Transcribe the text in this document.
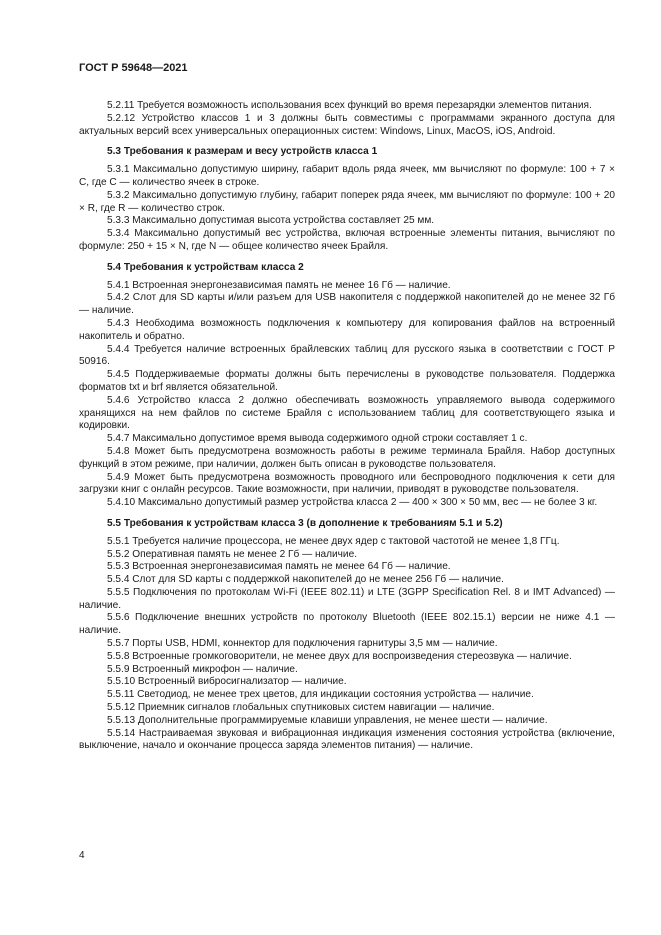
ГОСТ Р 59648—2021

5.2.11 Требуется возможность использования всех функций во время перезарядки элементов питания.

5.2.12 Устройство классов 1 и 3 должны быть совместимы с программами экранного доступа для актуальных версий всех универсальных операционных систем: Windows, Linux, MacOS, iOS, Android.

5.3 Требования к размерам и весу устройств класса 1

5.3.1 Максимально допустимую ширину, габарит вдоль ряда ячеек, мм вычисляют по формуле: 100 + 7 × C, где С — количество ячеек в строке.

5.3.2 Максимально допустимую глубину, габарит поперек ряда ячеек, мм вычисляют по формуле: 100 + 20 × R, где R — количество строк.

5.3.3 Максимально допустимая высота устройства составляет 25 мм.

5.3.4 Максимально допустимый вес устройства, включая встроенные элементы питания, вычисляют по формуле: 250 + 15 × N, где N — общее количество ячеек Брайля.

5.4 Требования к устройствам класса 2

5.4.1 Встроенная энергонезависимая память не менее 16 Гб — наличие.

5.4.2 Слот для SD карты и/или разъем для USB накопителя с поддержкой накопителей до не менее 32 Гб — наличие.

5.4.3 Необходима возможность подключения к компьютеру для копирования файлов на встроенный накопитель и обратно.

5.4.4 Требуется наличие встроенных брайлевских таблиц для русского языка в соответствии с ГОСТ Р 50916.

5.4.5 Поддерживаемые форматы должны быть перечислены в руководстве пользователя. Поддержка форматов txt и brf является обязательной.

5.4.6 Устройство класса 2 должно обеспечивать возможность управляемого вывода содержимого хранящихся на нем файлов по системе Брайля с использованием таблиц для соответствующего языка и кодировки.

5.4.7 Максимально допустимое время вывода содержимого одной строки составляет 1 с.

5.4.8 Может быть предусмотрена возможность работы в режиме терминала Брайля. Набор доступных функций в этом режиме, при наличии, должен быть описан в руководстве пользователя.

5.4.9 Может быть предусмотрена возможность проводного или беспроводного подключения к сети для загрузки книг с онлайн ресурсов. Такие возможности, при наличии, приводят в руководстве пользователя.

5.4.10 Максимально допустимый размер устройства класса 2 — 400 × 300 × 50 мм, вес — не более 3 кг.

5.5 Требования к устройствам класса 3 (в дополнение к требованиям 5.1 и 5.2)

5.5.1 Требуется наличие процессора, не менее двух ядер с тактовой частотой не менее 1,8 ГГц.

5.5.2 Оперативная память не менее 2 Гб — наличие.

5.5.3 Встроенная энергонезависимая память не менее 64 Гб — наличие.

5.5.4 Слот для SD карты с поддержкой накопителей до не менее 256 Гб — наличие.

5.5.5 Подключения по протоколам Wi-Fi (IEEE 802.11) и LTE (3GPP Specification Rel. 8 и IMT Advanced) — наличие.

5.5.6 Подключение внешних устройств по протоколу Bluetooth (IEEE 802.15.1) версии не ниже 4.1 — наличие.

5.5.7 Порты USB, HDMI, коннектор для подключения гарнитуры 3,5 мм — наличие.

5.5.8 Встроенные громкоговорители, не менее двух для воспроизведения стереозвука — наличие.

5.5.9 Встроенный микрофон — наличие.

5.5.10 Встроенный вибросигнализатор — наличие.

5.5.11 Светодиод, не менее трех цветов, для индикации состояния устройства — наличие.

5.5.12 Приемник сигналов глобальных спутниковых систем навигации — наличие.

5.5.13 Дополнительные программируемые клавиши управления, не менее шести — наличие.

5.5.14 Настраиваемая звуковая и вибрационная индикация изменения состояния устройства (включение, выключение, начало и окончание процесса заряда элементов питания) — наличие.

4
